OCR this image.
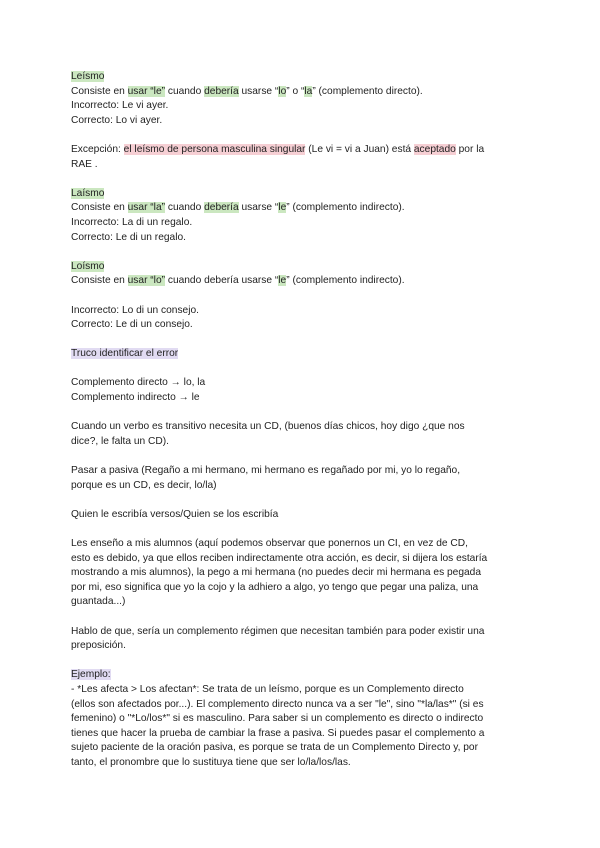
Leísmo

Consiste en usar “le” cuando debería usarse “lo” o “la” (complemento directo).

Incorrecto: Le vi ayer.

Correcto: Lo vi ayer.

Excepción: el leísmo de persona masculina singular (Le vi = vi a Juan) está aceptado por la
RAE .

Laísmo

Consiste en usar “la” cuando debería usarse “le” (complemento indirecto).

Incorrecto: La di un regalo.

Correcto: Le di un regalo.

Loísmo

Consiste en usar “lo” cuando debería usarse “le” (complemento indirecto).

Incorrecto: Lo di un consejo.

Correcto: Le di un consejo.

Truco identificar el error

Complemento directo → lo, la

Complemento indirecto → le

Cuando un verbo es transitivo necesita un CD, (buenos días chicos, hoy digo ¿que nos
dice?, le falta un CD).

Pasar a pasiva (Regaño a mi hermano, mi hermano es regañado por mi, yo lo regaño,
porque es un CD, es decir, lo/la)

Quien le escribía versos/Quien se los escribía

Les enseño a mis alumnos (aquí podemos observar que ponernos un CI, en vez de CD,
esto es debido, ya que ellos reciben indirectamente otra acción, es decir, si dijera los estaría
mostrando a mis alumnos), la pego a mi hermana (no puedes decir mi hermana es pegada
por mi, eso significa que yo la cojo y la adhiero a algo, yo tengo que pegar una paliza, una
guantada...)

Hablo de que, sería un complemento régimen que necesitan también para poder existir una
preposición.

Ejemplo:

- *Les afecta > Los afectan*: Se trata de un leísmo, porque es un Complemento directo
(ellos son afectados por...). El complemento directo nunca va a ser "le", sino "*la/las*" (si es
femenino) o "*Lo/los*" si es masculino. Para saber si un complemento es directo o indirecto
tienes que hacer la prueba de cambiar la frase a pasiva. Si puedes pasar el complemento a
sujeto paciente de la oración pasiva, es porque se trata de un Complemento Directo y, por
tanto, el pronombre que lo sustituya tiene que ser lo/la/los/las.
